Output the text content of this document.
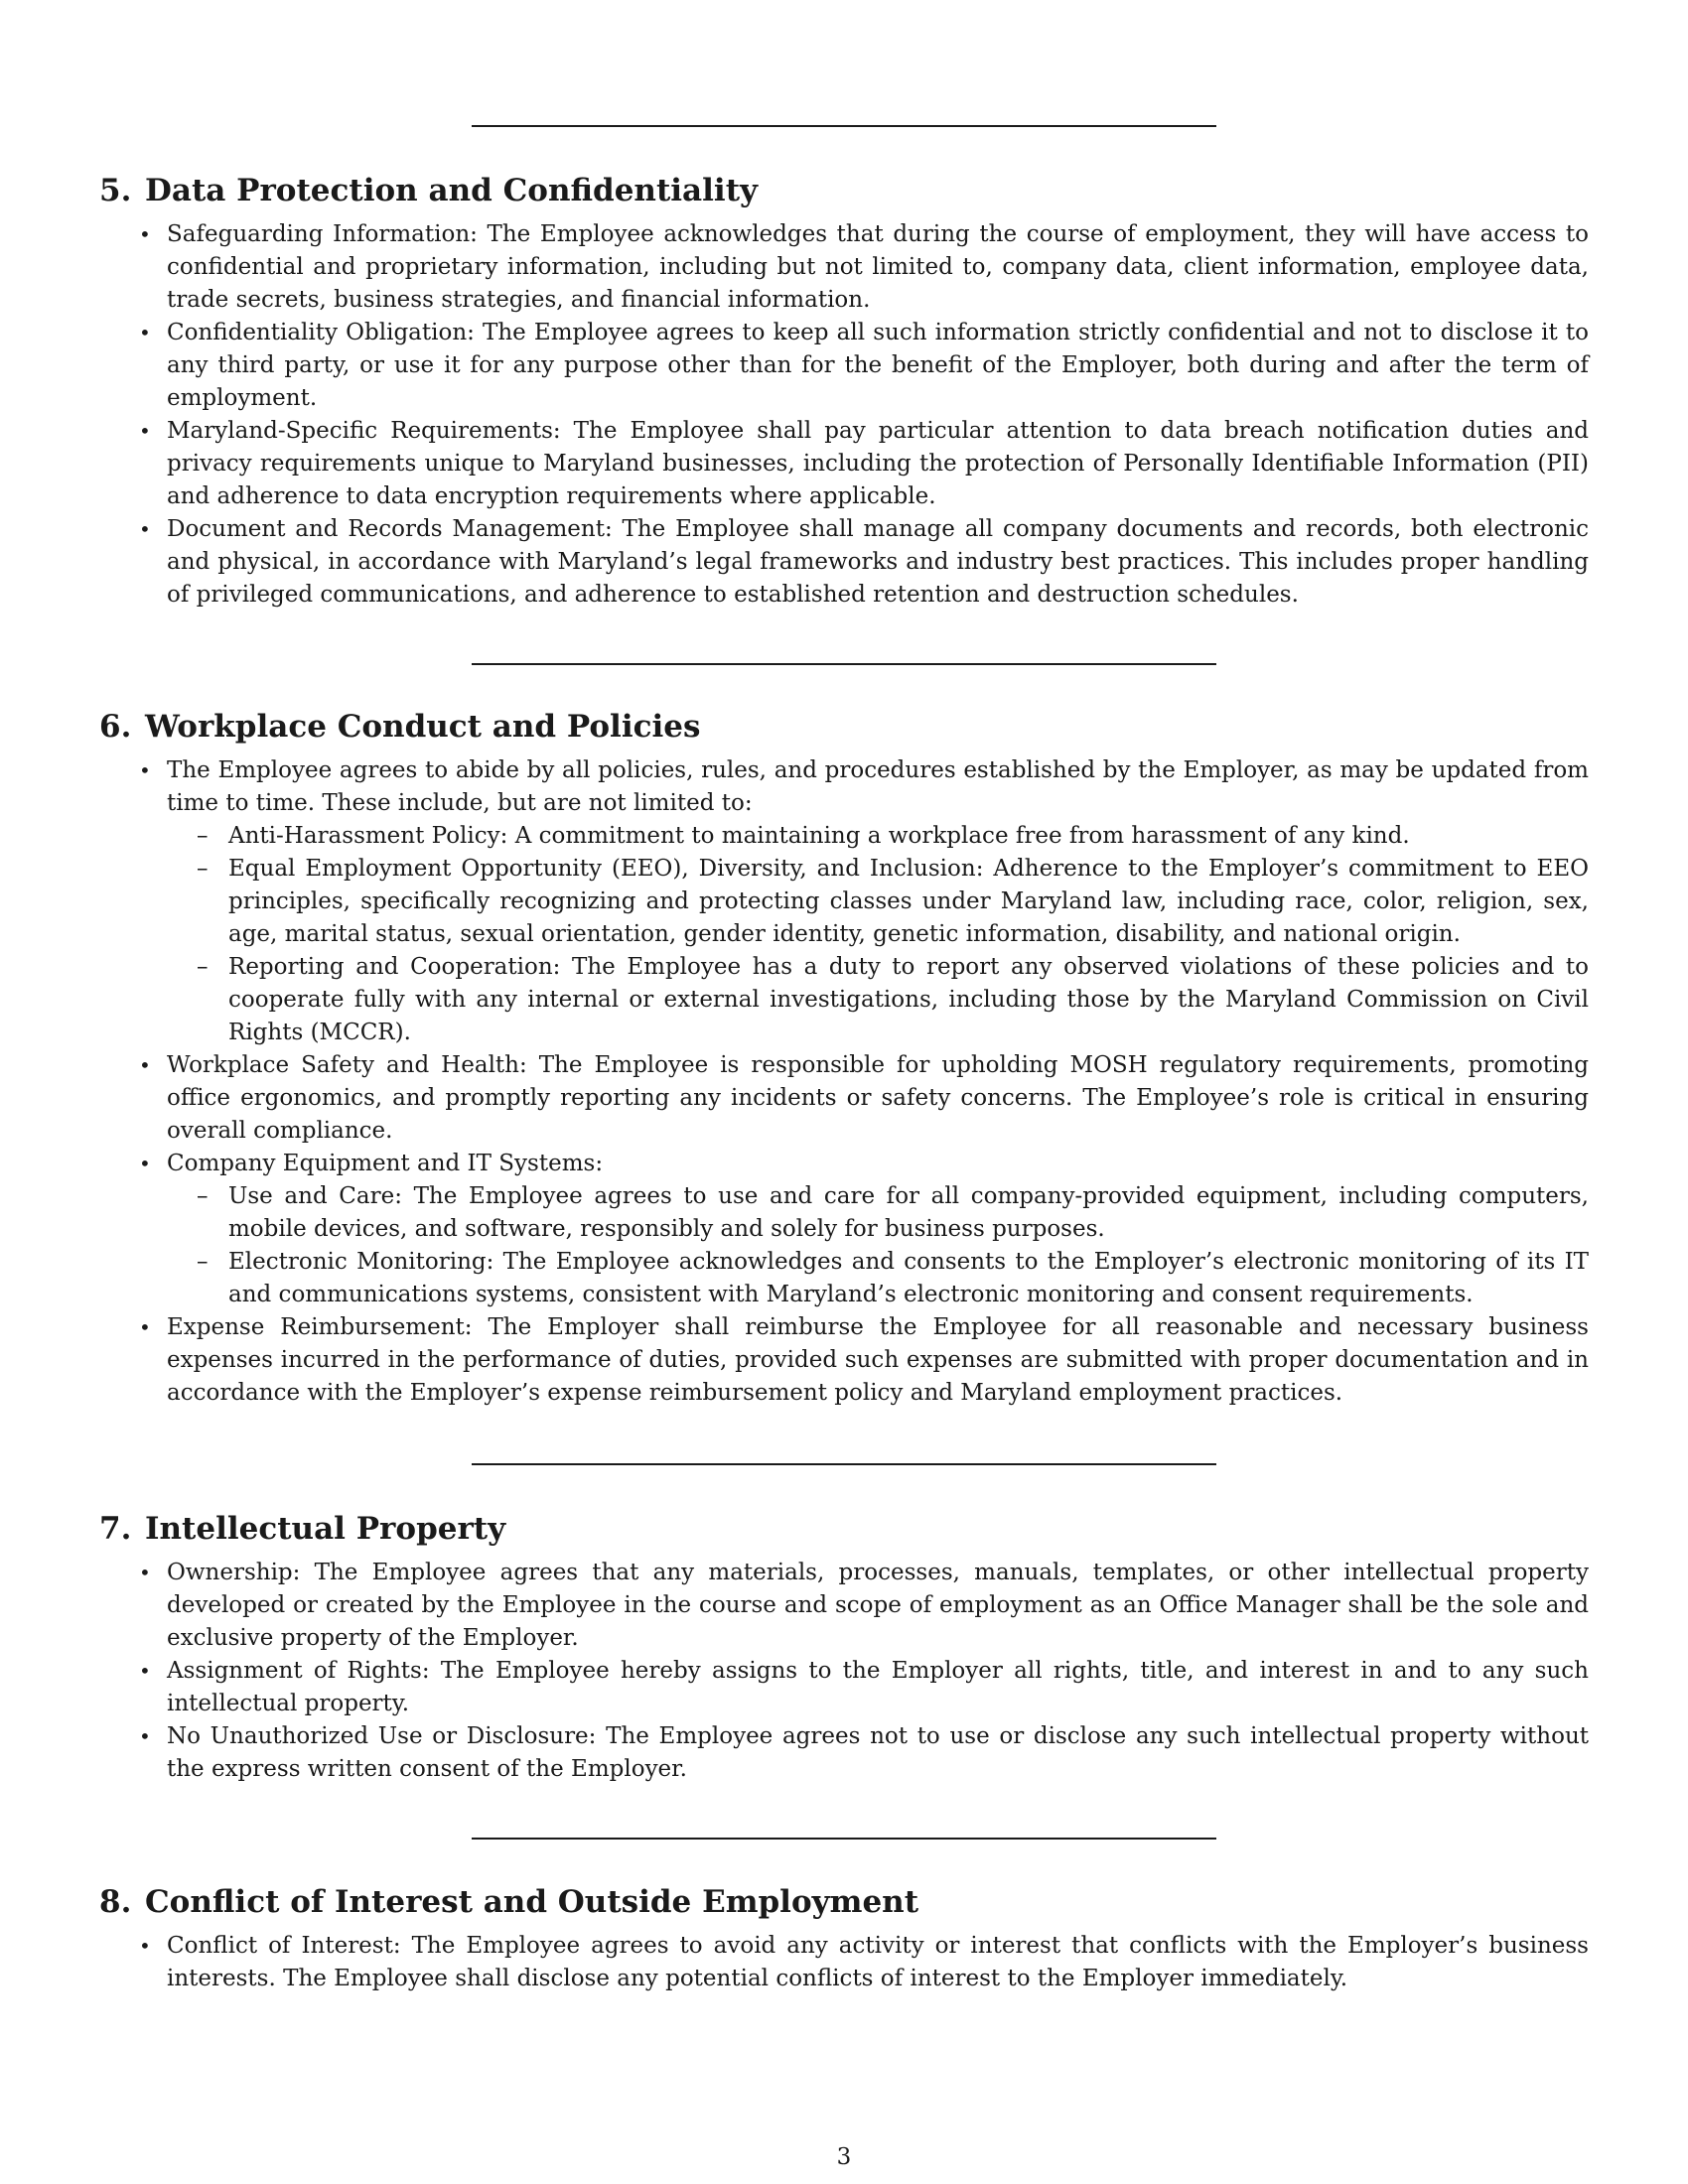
5. Data Protection and Confidentiality
• Safeguarding Information: The Employee acknowledges that during the course of employment, they will have access to confidential and proprietary information, including but not limited to, company data, client information, employee data, trade secrets, business strategies, and financial information.
• Confidentiality Obligation: The Employee agrees to keep all such information strictly confidential and not to disclose it to any third party, or use it for any purpose other than for the benefit of the Employer, both during and after the term of employment.
• Maryland-Specific Requirements: The Employee shall pay particular attention to data breach notification duties and privacy requirements unique to Maryland businesses, including the protection of Personally Identifiable Information (PII) and adherence to data encryption requirements where applicable.
• Document and Records Management: The Employee shall manage all company documents and records, both electronic and physical, in accordance with Maryland’s legal frameworks and industry best practices. This includes proper handling of privileged communications, and adherence to established retention and destruction schedules.
6. Workplace Conduct and Policies
• The Employee agrees to abide by all policies, rules, and procedures established by the Employer, as may be updated from time to time. These include, but are not limited to:
– Anti-Harassment Policy: A commitment to maintaining a workplace free from harassment of any kind.
– Equal Employment Opportunity (EEO), Diversity, and Inclusion: Adherence to the Employer’s commitment to EEO principles, specifically recognizing and protecting classes under Maryland law, including race, color, religion, sex, age, marital status, sexual orientation, gender identity, genetic information, disability, and national origin.
– Reporting and Cooperation: The Employee has a duty to report any observed violations of these policies and to cooperate fully with any internal or external investigations, including those by the Maryland Commission on Civil Rights (MCCR).
• Workplace Safety and Health: The Employee is responsible for upholding MOSH regulatory requirements, promoting office ergonomics, and promptly reporting any incidents or safety concerns. The Employee’s role is critical in ensuring overall compliance.
• Company Equipment and IT Systems:
– Use and Care: The Employee agrees to use and care for all company-provided equipment, including computers, mobile devices, and software, responsibly and solely for business purposes.
– Electronic Monitoring: The Employee acknowledges and consents to the Employer’s electronic monitoring of its IT and communications systems, consistent with Maryland’s electronic monitoring and consent requirements.
• Expense Reimbursement: The Employer shall reimburse the Employee for all reasonable and necessary business expenses incurred in the performance of duties, provided such expenses are submitted with proper documentation and in accordance with the Employer’s expense reimbursement policy and Maryland employment practices.
7. Intellectual Property
• Ownership: The Employee agrees that any materials, processes, manuals, templates, or other intellectual property developed or created by the Employee in the course and scope of employment as an Office Manager shall be the sole and exclusive property of the Employer.
• Assignment of Rights: The Employee hereby assigns to the Employer all rights, title, and interest in and to any such intellectual property.
• No Unauthorized Use or Disclosure: The Employee agrees not to use or disclose any such intellectual property without the express written consent of the Employer.
8. Conflict of Interest and Outside Employment
• Conflict of Interest: The Employee agrees to avoid any activity or interest that conflicts with the Employer’s business interests. The Employee shall disclose any potential conflicts of interest to the Employer immediately.
3
